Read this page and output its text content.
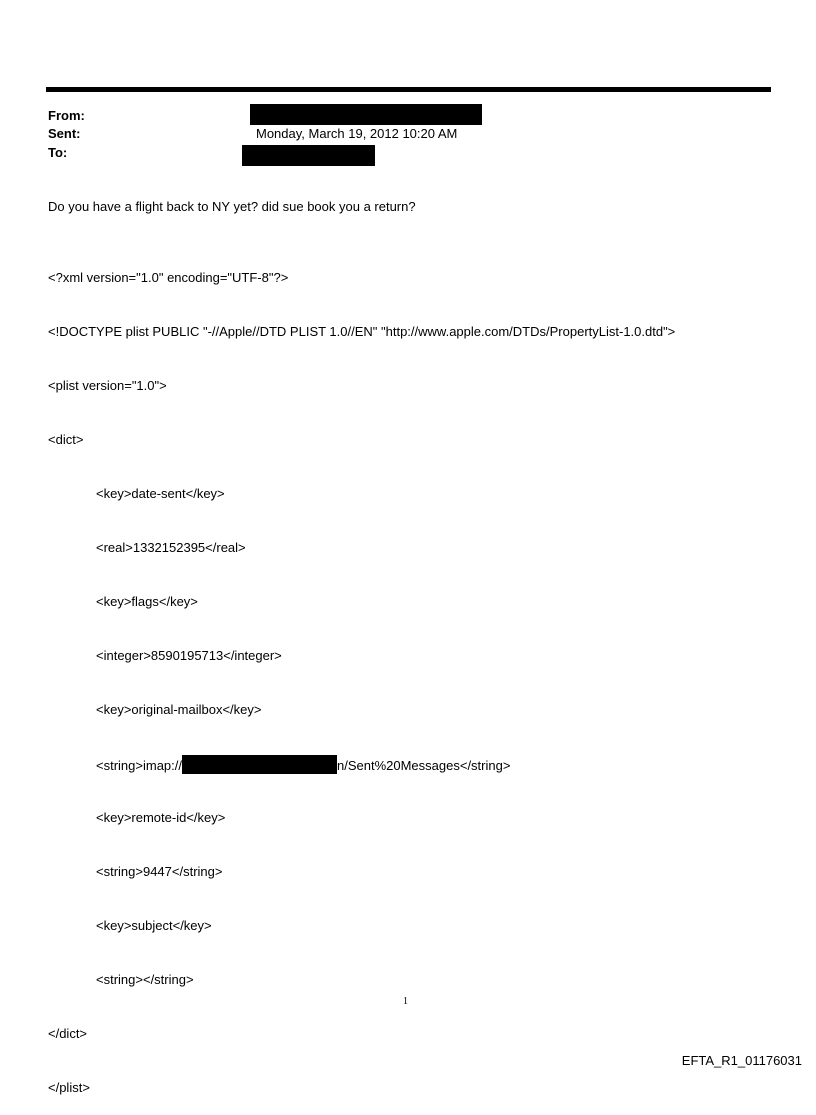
From:
Sent:	Monday, March 19, 2012 10:20 AM
To:
Do you have a flight back to NY yet? did sue book you a return?

<?xml version="1.0" encoding="UTF-8"?>

<!DOCTYPE plist PUBLIC "-//Apple//DTD PLIST 1.0//EN" "http://www.apple.com/DTDs/PropertyList-1.0.dtd">

<plist version="1.0">

<dict>

<key>date-sent</key>

<real>1332152395</real>

<key>flags</key>

<integer>8590195713</integer>

<key>original-mailbox</key>

<string>imap://	n/Sent%20Messages</string>

<key>remote-id</key>

<string>9447</string>

<key>subject</key>

<string></string>

</dict>

</plist>

1
EFTA_R1_01176031
